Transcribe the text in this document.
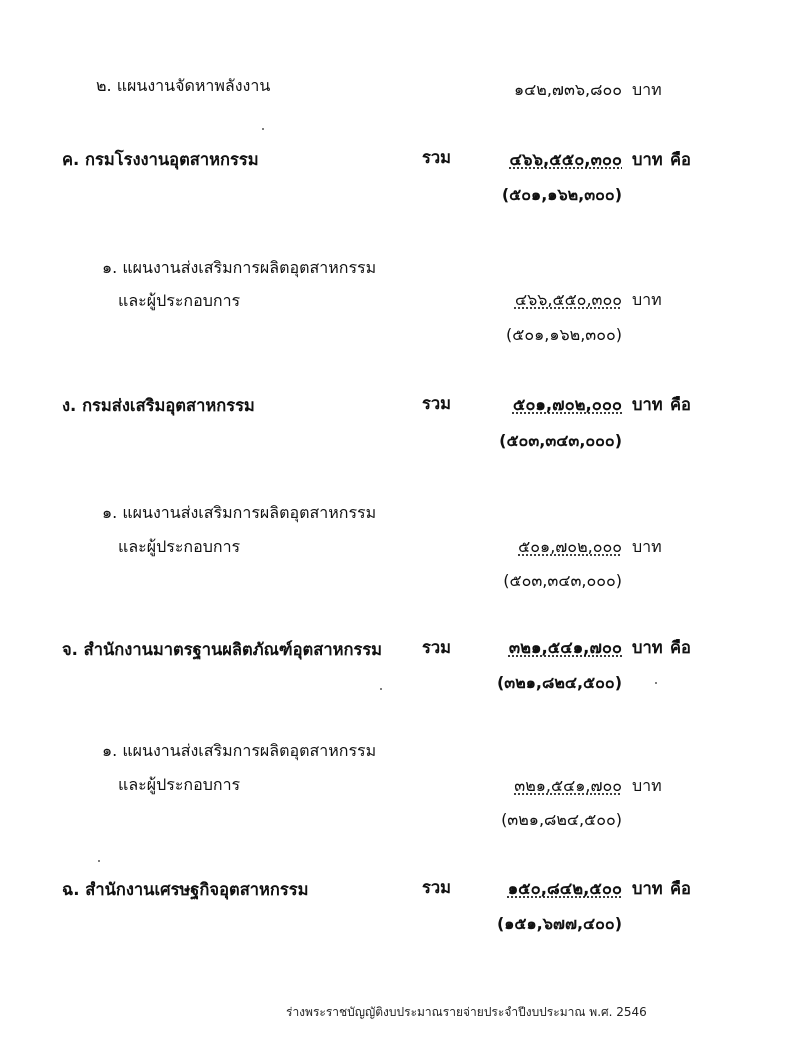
๒. แผนงานจัดหาพลังงาน	๑๔๒,๗๓๖,๘๐๐ บาท
ค. กรมโรงงานอุตสาหกรรม	รวม	๔๖๖,๕๕๐,๓๐๐ บาท คือ
(๕๐๑,๑๖๒,๓๐๐)
๑. แผนงานส่งเสริมการผลิตอุตสาหกรรม
และผู้ประกอบการ	๔๖๖,๕๕๐,๓๐๐ บาท
(๕๐๑,๑๖๒,๓๐๐)
ง. กรมส่งเสริมอุตสาหกรรม	รวม	๕๐๑,๗๐๒,๐๐๐ บาท คือ
(๕๐๓,๓๔๓,๐๐๐)
๑. แผนงานส่งเสริมการผลิตอุตสาหกรรม
และผู้ประกอบการ	๕๐๑,๗๐๒,๐๐๐ บาท
(๕๐๓,๓๔๓,๐๐๐)
จ. สำนักงานมาตรฐานผลิตภัณฑ์อุตสาหกรรม รวม	๓๒๑,๕๔๑,๗๐๐ บาท คือ
(๓๒๑,๘๒๔,๕๐๐)
๑. แผนงานส่งเสริมการผลิตอุตสาหกรรม
และผู้ประกอบการ	๓๒๑,๕๔๑,๗๐๐ บาท
(๓๒๑,๘๒๔,๕๐๐)
ฉ. สำนักงานเศรษฐกิจอุตสาหกรรม	รวม	๑๕๐,๘๔๒,๕๐๐ บาท คือ
(๑๕๑,๖๗๗,๔๐๐)
ร่างพระราชบัญญัติงบประมาณรายจ่ายประจำปีงบประมาณ พ.ศ. 2546
